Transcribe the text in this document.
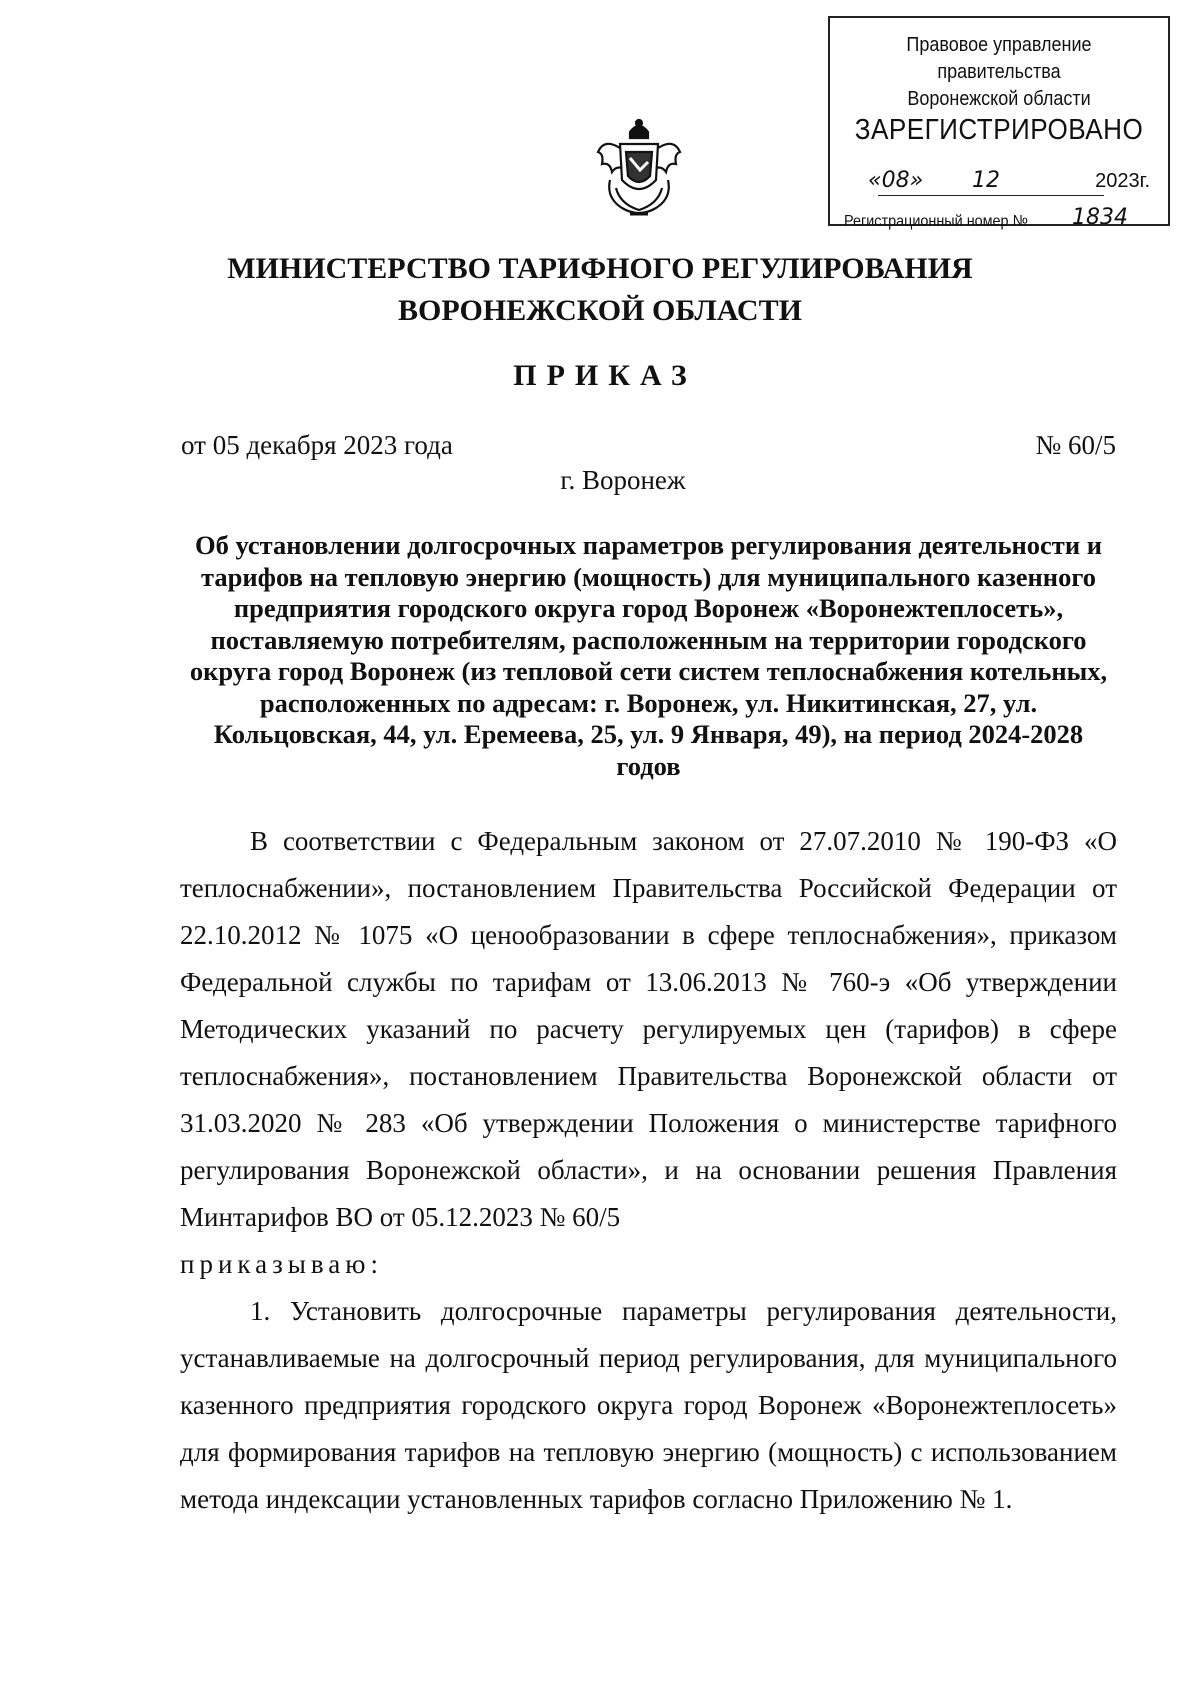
Правовое управление правительства
Воронежской области
ЗАРЕГИСТРИРОВАНО
«08» 12	2023г.
Регистрационный номер № 1834
МИНИСТЕРСТВО ТАРИФНОГО РЕГУЛИРОВАНИЯ
ВОРОНЕЖСКОЙ ОБЛАСТИ
ПРИКАЗ
от 05 декабря 2023 года	№ 60/5
г. Воронеж
Об установлении долгосрочных параметров регулирования деятельности и тарифов на тепловую энергию (мощность) для муниципального казенного предприятия городского округа город Воронеж «Воронежтеплосеть», поставляемую потребителям, расположенным на территории городского округа город Воронеж (из тепловой сети систем теплоснабжения котельных, расположенных по адресам: г. Воронеж, ул. Никитинская, 27, ул. Кольцовская, 44, ул. Еремеева, 25, ул. 9 Января, 49), на период 2024-2028 годов

В соответствии с Федеральным законом от 27.07.2010 № 190-ФЗ «О теплоснабжении», постановлением Правительства Российской Федерации от 22.10.2012 № 1075 «О ценообразовании в сфере теплоснабжения», приказом Федеральной службы по тарифам от 13.06.2013 № 760-э «Об утверждении Методических указаний по расчету регулируемых цен (тарифов) в сфере теплоснабжения», постановлением Правительства Воронежской области от 31.03.2020 № 283 «Об утверждении Положения о министерстве тарифного регулирования Воронежской области», и на основании решения Правления Минтарифов ВО от 05.12.2023 № 60/5

приказываю:

1. Установить долгосрочные параметры регулирования деятельности, устанавливаемые на долгосрочный период регулирования, для муниципального казенного предприятия городского округа город Воронеж «Воронежтеплосеть» для формирования тарифов на тепловую энергию (мощность) с использованием метода индексации установленных тарифов согласно Приложению № 1.
